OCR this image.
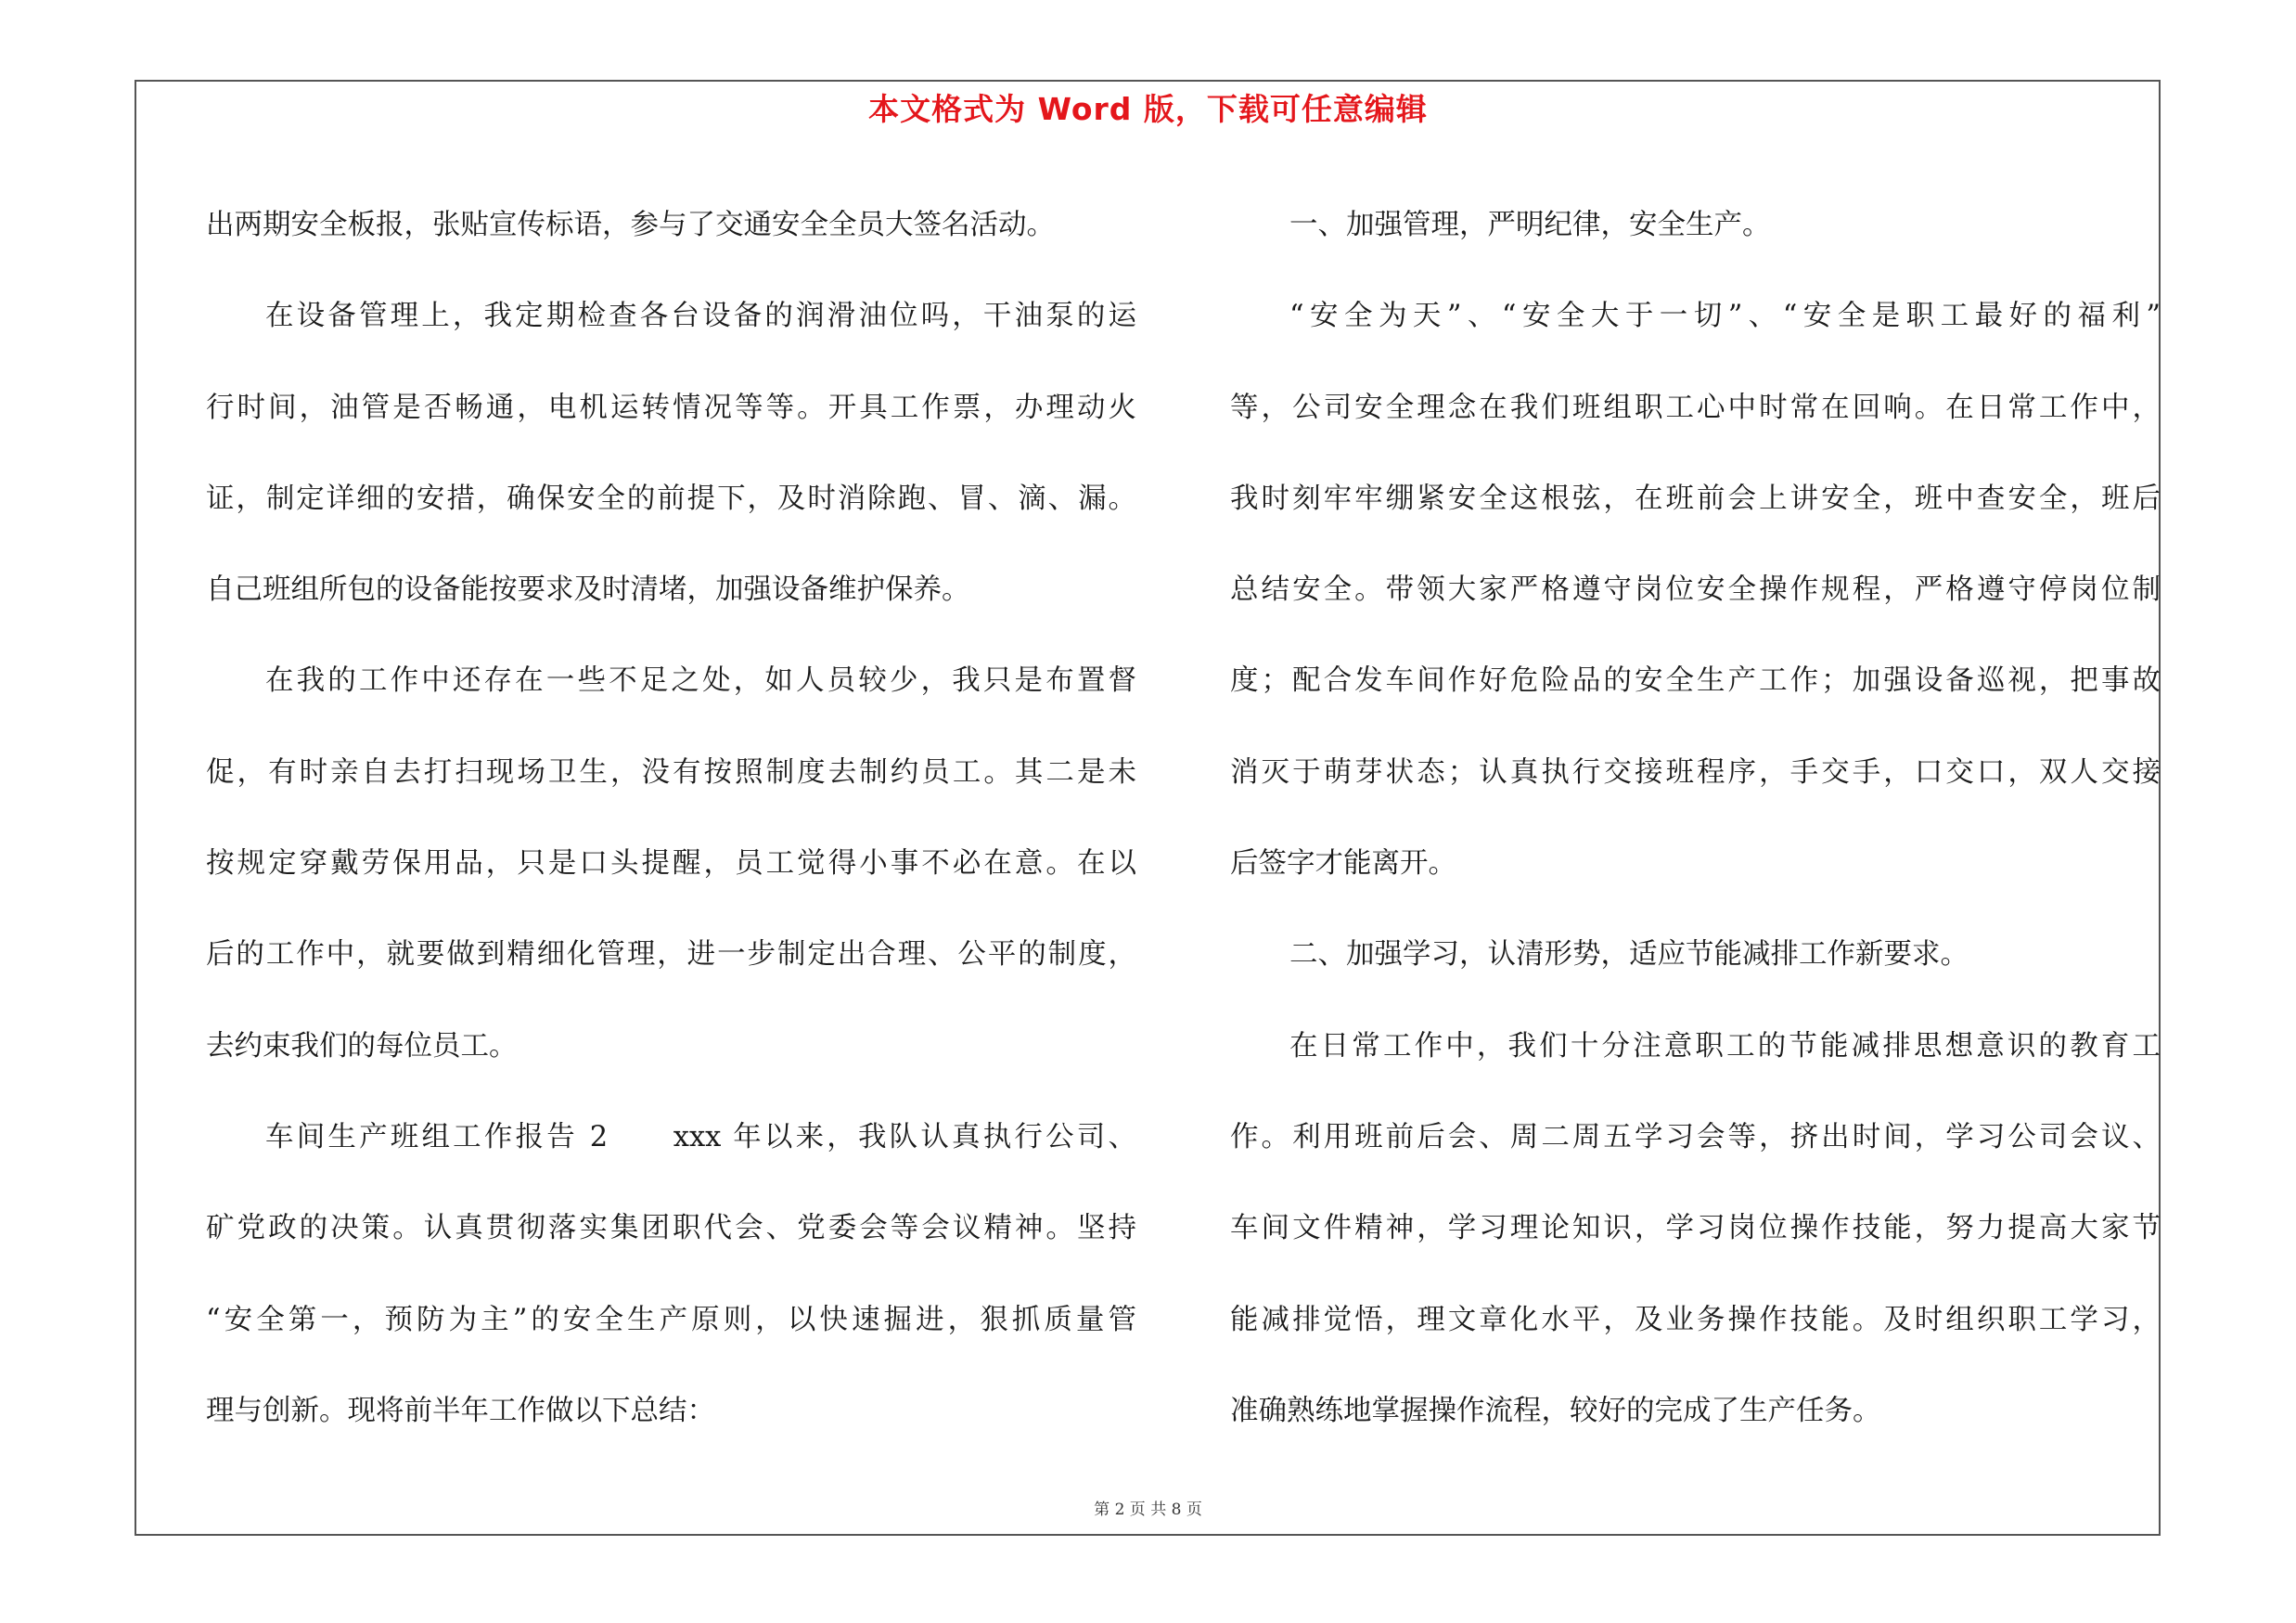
本文格式为 Word 版，下载可任意编辑
出两期安全板报，张贴宣传标语，参与了交通安全全员大签名活动。
在设备管理上，我定期检查各台设备的润滑油位吗，干油泵的运
行时间，油管是否畅通，电机运转情况等等。开具工作票，办理动火
证，制定详细的安措，确保安全的前提下，及时消除跑、冒、滴、漏。
自己班组所包的设备能按要求及时清堵，加强设备维护保养。
在我的工作中还存在一些不足之处，如人员较少，我只是布置督
促，有时亲自去打扫现场卫生，没有按照制度去制约员工。其二是未
按规定穿戴劳保用品，只是口头提醒，员工觉得小事不必在意。在以
后的工作中，就要做到精细化管理，进一步制定出合理、公平的制度，
去约束我们的每位员工。
车间生产班组工作报告 2　　xxx 年以来，我队认真执行公司、
矿党政的决策。认真贯彻落实集团职代会、党委会等会议精神。坚持
“安全第一，预防为主”的安全生产原则，以快速掘进，狠抓质量管
理与创新。现将前半年工作做以下总结：
一、加强管理，严明纪律，安全生产。
“安全为天”、“安全大于一切”、“安全是职工最好的福利”
等，公司安全理念在我们班组职工心中时常在回响。在日常工作中，
我时刻牢牢绷紧安全这根弦，在班前会上讲安全，班中查安全，班后
总结安全。带领大家严格遵守岗位安全操作规程，严格遵守停岗位制
度；配合发车间作好危险品的安全生产工作；加强设备巡视，把事故
消灭于萌芽状态；认真执行交接班程序，手交手，口交口，双人交接
后签字才能离开。
二、加强学习，认清形势，适应节能减排工作新要求。
在日常工作中，我们十分注意职工的节能减排思想意识的教育工
作。利用班前后会、周二周五学习会等，挤出时间，学习公司会议、
车间文件精神，学习理论知识，学习岗位操作技能，努力提高大家节
能减排觉悟，理文章化水平，及业务操作技能。及时组织职工学习，
准确熟练地掌握操作流程，较好的完成了生产任务。
第 2 页 共 8 页
